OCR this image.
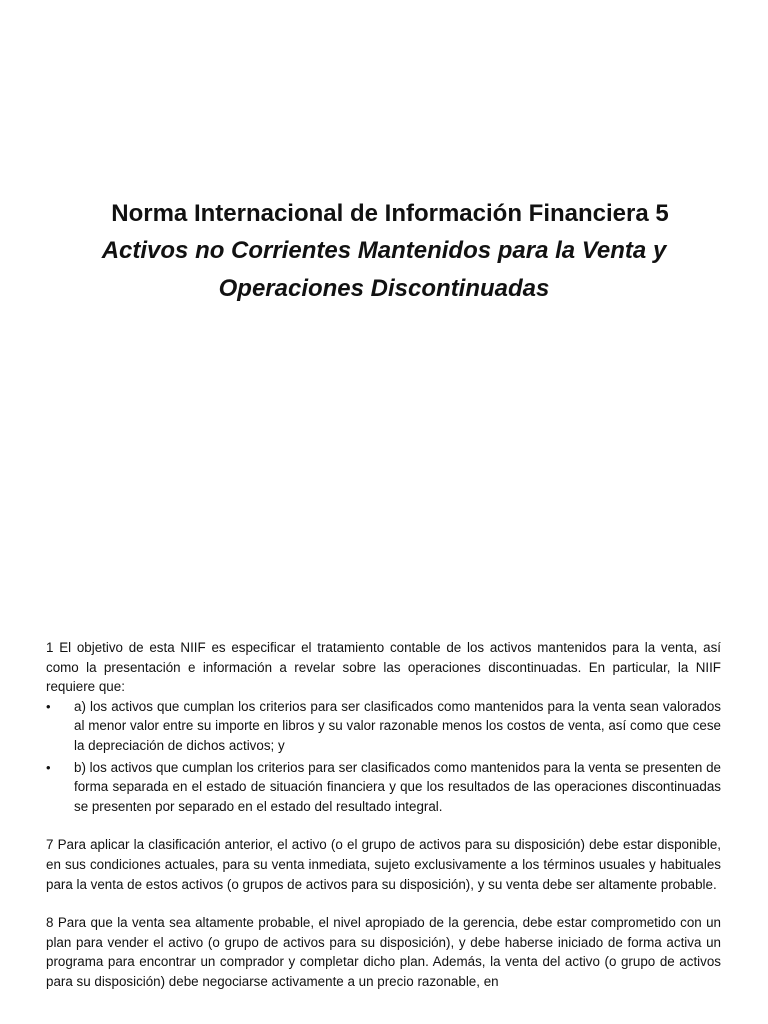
Norma Internacional de Información Financiera 5
Activos no Corrientes Mantenidos para la Venta y
Operaciones Discontinuadas

1 El objetivo de esta NIIF es especificar el tratamiento contable de los activos mantenidos para la venta, así como la presentación e información a revelar sobre las operaciones discontinuadas. En particular, la NIIF requiere que:

•	a) los activos que cumplan los criterios para ser clasificados como mantenidos para la venta sean valorados al menor valor entre su importe en libros y su valor razonable menos los costos de venta, así como que cese la depreciación de dichos activos; y
•	b) los activos que cumplan los criterios para ser clasificados como mantenidos para la venta se presenten de forma separada en el estado de situación financiera y que los resultados de las operaciones discontinuadas se presenten por separado en el estado del resultado integral.

7 Para aplicar la clasificación anterior, el activo (o el grupo de activos para su disposición) debe estar disponible, en sus condiciones actuales, para su venta inmediata, sujeto exclusivamente a los términos usuales y habituales para la venta de estos activos (o grupos de activos para su disposición), y su venta debe ser altamente probable.

8 Para que la venta sea altamente probable, el nivel apropiado de la gerencia, debe estar comprometido con un plan para vender el activo (o grupo de activos para su disposición), y debe haberse iniciado de forma activa un programa para encontrar un comprador y completar dicho plan. Además, la venta del activo (o grupo de activos para su disposición) debe negociarse activamente a un precio razonable, en
